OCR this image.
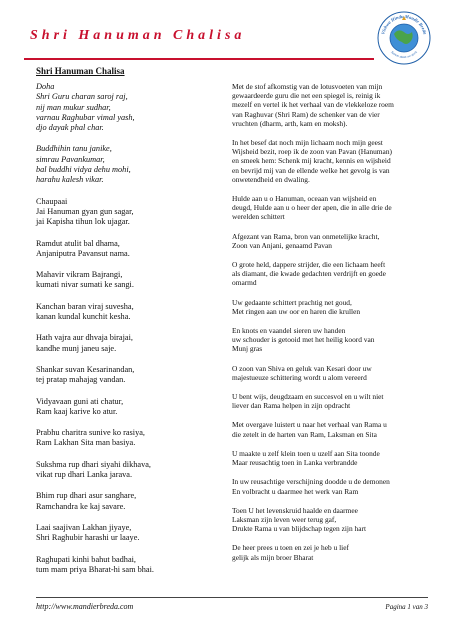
Shri Hanuman Chalisa	Vishwa Hindu Mandir Breda
Samen staan we sterk
Shri Hanuman Chalisa
Doha
Shri Guru charan saroj raj,
nij man mukur sudhar,
varnau Raghubar vimal yash,
djo dayak phal char.
Buddhihin tanu janike,
simrau Pavankumar,
bal buddhi vidya dehu mohi,
harahu kalesh vikar.
Chaupaai
Jai Hanuman gyan gun sagar,
jai Kapisha tihun lok ujagar.
Ramdut atulit bal dhama,
Anjaniputra Pavansut nama.
Mahavir vikram Bajrangi,
kumati nivar sumati ke sangi.
Kanchan baran viraj suvesha,
kanan kundal kunchit kesha.
Hath vajra aur dhvaja birajai,
kandhe munj janeu saje.
Shankar suvan Kesarinandan,
tej pratap mahajag vandan.
Vidyavaan guni ati chatur,
Ram kaaj karive ko atur.
Prabhu charitra sunive ko rasiya,
Ram Lakhan Sita man basiya.
Sukshma rup dhari siyahi dikhava,
vikat rup dhari Lanka jarava.
Bhim rup dhari asur sanghare,
Ramchandra ke kaj savare.
Laai saajivan Lakhan jiyaye,
Shri Raghubir harashi ur laaye.
Raghupati kinhi bahut badhai,
tum mam priya Bharat-hi sam bhai.
Met de stof afkomstig van de lotusvoeten van mijn
gewaardeerde guru die net een spiegel is, reinig ik
mezelf en vertel ik het verhaal van de vlekkeloze roem
van Raghuvar (Shri Ram) de schenker van de vier
vruchten (dharm, arth, kam en moksh).
In het besef dat noch mijn lichaam noch mijn geest
Wijsheid bezit, roep ik de zoon van Pavan (Hanuman)
en smeek hem: Schenk mij kracht, kennis en wijsheid
en bevrijd mij van de ellende welke het gevolg is van
onwetendheid en dwaling.
Hulde aan u o Hanuman, oceaan van wijsheid en
deugd, Hulde aan u o heer der apen, die in alle drie de
werelden schittert
Afgezant van Rama, bron van onmetelijke kracht,
Zoon van Anjani, genaamd Pavan
O grote held, dappere strijder, die een lichaam heeft
als diamant, die kwade gedachten verdrijft en goede
omarmd
Uw gedaante schittert prachtig net goud,
Met ringen aan uw oor en haren die krullen
En knots en vaandel sieren uw handen
uw schouder is getooid met het heilig koord van
Munj gras
O zoon van Shiva en geluk van Kesari door uw
majestueuze schittering wordt u alom vereerd
U bent wijs, deugdzaam en succesvol en u wilt niet
liever dan Rama helpen in zijn opdracht
Met overgave luistert u naar het verhaal van Rama u
die zetelt in de harten van Ram, Laksman en Sita
U maakte u zelf klein toen u uzelf aan Sita toonde
Maar reusachtig toen in Lanka verbrandde
In uw reusachtige verschijning doodde u de demonen
En volbracht u daarmee het werk van Ram
Toen U het levenskruid haalde en daarmee
Laksman zijn leven weer terug gaf,
Drukte Rama u van blijdschap tegen zijn hart
De heer prees u toen en zei je heb u lief
gelijk als mijn broer Bharat
http://www.mandierbreda.com	Pagina 1 van 3
